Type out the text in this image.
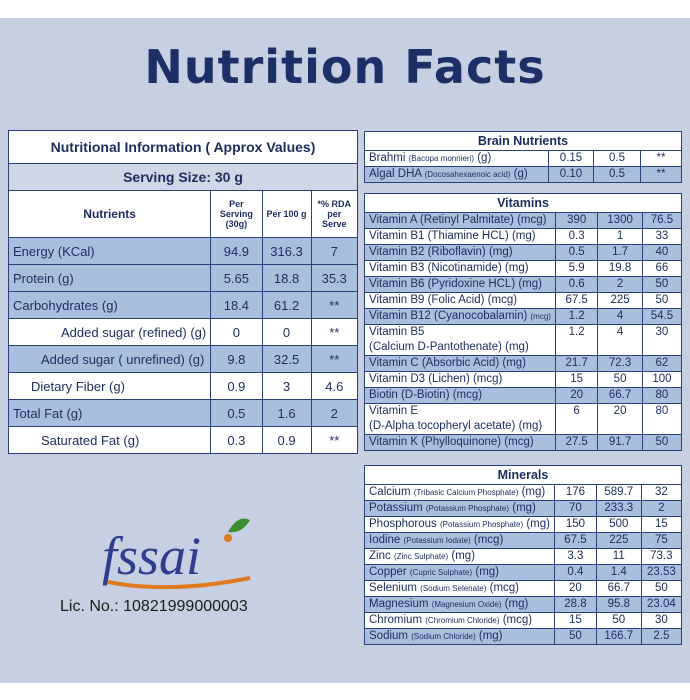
Nutrition Facts
Nutritional Information ( Approx Values)			
Serving Size: 30 g			
Nutrients	Per Serving (30g)	Per 100 g	*% RDA per Serve
Energy (KCal)	94.9	316.3	7
Protein (g)	5.65	18.8	35.3
Carbohydrates (g)	18.4	61.2	**
Added sugar (refined) (g)	0	0	**
Added sugar ( unrefined) (g)	9.8	32.5	**
Dietary Fiber (g)	0.9	3	4.6
Total Fat (g)	0.5	1.6	2
Saturated Fat (g)	0.3	0.9	**
Brain Nutrients			
Brahmi (Bacopa monnieri) (g)	0.15	0.5	**
Algal DHA (Docosahexaenoic acid) (g)	0.10	0.5	**
Vitamins			
Vitamin A (Retinyl Palmitate) (mcg)	390	1300	76.5
Vitamin B1 (Thiamine HCL) (mg)	0.3	1	33
Vitamin B2 (Riboflavin) (mg)	0.5	1.7	40
Vitamin B3 (Nicotinamide) (mg)	5.9	19.8	66
Vitamin B6 (Pyridoxine HCL) (mg)	0.6	2	50
Vitamin B9 (Folic Acid) (mcg)	67.5	225	50
Vitamin B12 (Cyanocobalamin) (mcg)	1.2	4	54.5
Vitamin B5
(Calcium D-Pantothenate) (mg)	1.2	4	30
Vitamin C (Absorbic Acid) (mg)	21.7	72.3	62
Vitamin D3 (Lichen) (mcg)	15	50	100
Biotin (D-Biotin) (mcg)	20	66.7	80
Vitamin E
(D-Alpha tocopheryl acetate) (mg)	6	20	80
Vitamin K (Phylloquinone) (mcg)	27.5	91.7	50
Minerals			
Calcium (Tribasic Calcium Phosphate) (mg)	176	589.7	32
Potassium (Potassium Phosphate) (mg)	70	233.3	2
Phosphorous (Potassium Phosphate) (mg)	150	500	15
Iodine (Potassium Iodate) (mcg)	67.5	225	75
Zinc (Zinc Sulphate) (mg)	3.3	11	73.3
Copper (Cupric Sulphate) (mg)	0.4	1.4	23.53
Selenium (Sodium Selenate) (mcg)	20	66.7	50
Magnesium (Magnesium Oxide) (mg)	28.8	95.8	23.04
Chromium (Chromium Chloride) (mcg)	15	50	30
Sodium (Sodium Chloride) (mg)	50	166.7	2.5
fssai
Lic. No.: 10821999000003
